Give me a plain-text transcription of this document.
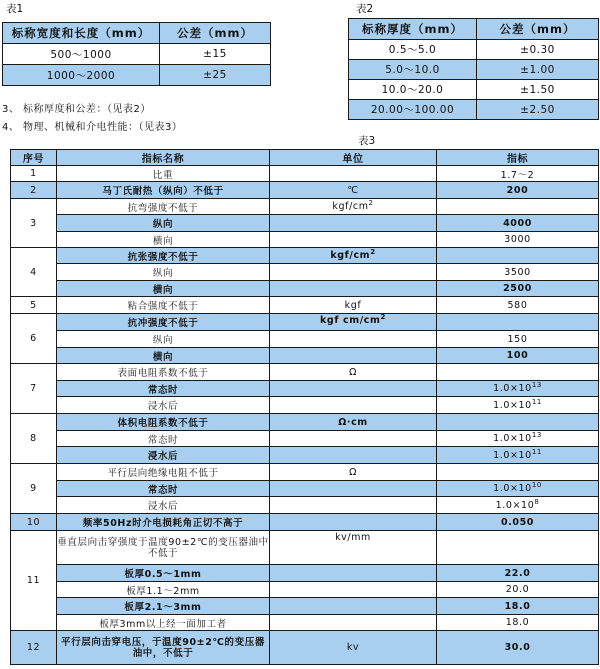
表1
标称宽度和长度（mm）	公差（mm）
500～1000	±15
1000～2000	±25
表2
标称厚度（mm）	公差（mm）
0.5～5.0	±0.30
5.0～10.0	±1.00
10.0～20.0	±1.50
20.00～100.00	±2.50
3、 标称厚度和公差：（见表2）
4、 物理、机械和介电性能：（见表3）
表3
序号	指标名称	单位	指标
1	比重		1.7～2
2	马丁氏耐热（纵向）不低于	℃	200
3	抗弯强度不低于	kgf/$cm^2$	
	纵向		4000
	横向		3000
4	抗张强度不低于	kgf/$cm^2$	
	纵向		3500
	横向		2500
5	粘合强度不低于	kgf	580
6	抗冲强度不低于	kgf $cm/cm^2$	
	纵向		150
	横向		100
7	表面电阻系数不低于	Ω	
	常态时		$1.0\times 10^{13}$
	浸水后		$1.0\times 10^{11}$
8	体积电阻系数不低于	Ω·cm	
	常态时		$1.0\times 10^{13}$
	浸水后		$1.0\times 10^{11}$
9	平行层向绝缘电阻不低于	Ω	
	常态时		$1.0\times 10^{10}$
	浸水后		$1.0\times 10^8$
10	频率50Hz时介电损耗角正切不高于		0.050
11	垂直层向击穿强度于温度90±2℃的变压器油中不低于	kv/mm	
	板厚0.5～1mm		22.0
	板厚1.1～2mm		20.0
	板厚2.1～3mm		18.0
	板厚3mm以上经一面加工者		18.0
12	平行层向击穿电压，于温度90±2℃的变压器油中，不低于	kv	30.0
